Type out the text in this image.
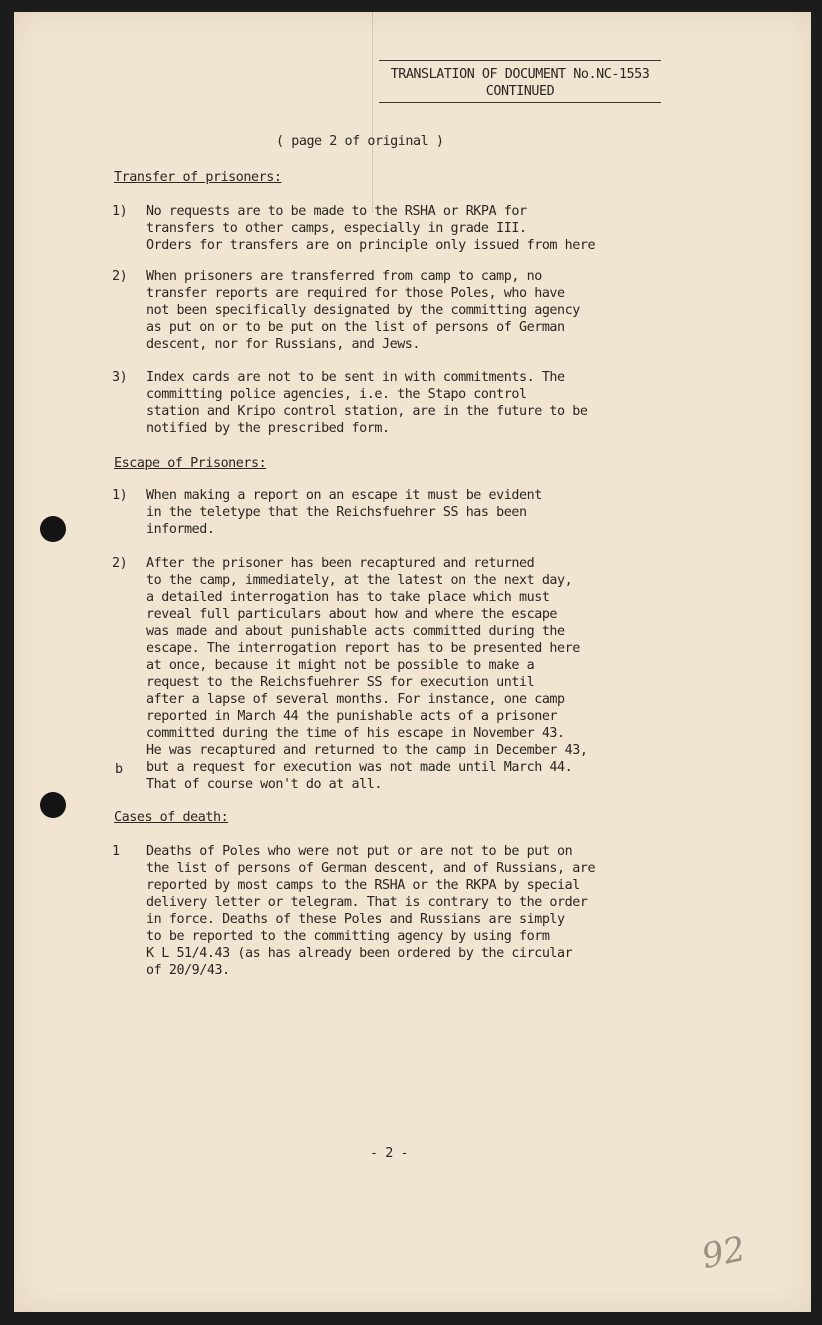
TRANSLATION OF DOCUMENT No.NC-1553
CONTINUED
( page 2 of original )
Transfer of prisoners:
1)	No requests are to be made to the RSHA or RKPA for
transfers to other camps, especially in grade III.
Orders for transfers are on principle only issued from here
2)	When prisoners are transferred from camp to camp, no
transfer reports are required for those Poles, who have
not been specifically designated by the committing agency
as put on or to be put on the list of persons of German
descent, nor for Russians, and Jews.
3)	Index cards are not to be sent in with commitments. The
committing police agencies, i.e. the Stapo control
station and Kripo control station, are in the future to be
notified by the prescribed form.
Escape of Prisoners:
1)	When making a report on an escape it must be evident
in the teletype that the Reichsfuehrer SS has been
informed.
2)	After the prisoner has been recaptured and returned
to the camp, immediately, at the latest on the next day,
a detailed interrogation has to take place which must
reveal full particulars about how and where the escape
was made and about punishable acts committed during the
escape. The interrogation report has to be presented here
at once, because it might not be possible to make a
request to the Reichsfuehrer SS for execution until
after a lapse of several months. For instance, one camp
reported in March 44 the punishable acts of a prisoner
committed during the time of his escape in November 43.
He was recaptured and returned to the camp in December 43,
but a request for execution was not made until March 44.
That of course won't do at all.
b
Cases of death:
1	Deaths of Poles who were not put or are not to be put on
the list of persons of German descent, and of Russians, are
reported by most camps to the RSHA or the RKPA by special
delivery letter or telegram. That is contrary to the order
in force. Deaths of these Poles and Russians are simply
to be reported to the committing agency by using form
K L 51/4.43 (as has already been ordered by the circular
of 20/9/43.
- 2 -
92
